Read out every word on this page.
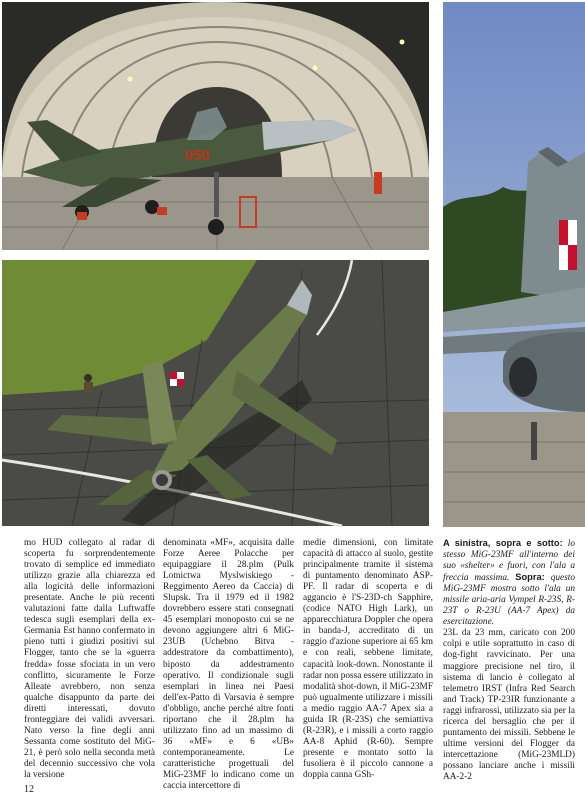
050

mo HUD collegato al radar di scoperta fu sorprendentemente trovato di semplice ed immediato utilizzo grazie alla chiarezza ed alla logicità delle informazioni presentate. Anche le più recenti valutazioni fatte dalla Luftwaffe tedesca sugli esemplari della ex-Germania Est hanno confermato in pieno tutti i giudizi positivi sul Flogger, tanto che se la «guerra fredda» fosse sfociata in un vero conflitto, sicuramente le Forze Alleate avrebbero, non senza qualche disappunto da parte dei diretti interessati, dovuto fronteggiare dei validi avversari. Nato verso la fine degli anni Sessanta come sostituto del MiG-21, è però solo nella seconda metà del decennio successivo che vola la versione

denominata «MF», acquisita dalle Forze Aeree Polacche per equipaggiare il 28.plm (Pulk Lotnictwa Myslwiskiego - Reggimento Aereo da Caccia) di Slupsk. Tra il 1979 ed il 1982 dovrebbero essere stati consegnati 45 esemplari monoposto cui se ne devono aggiungere altri 6 MiG-23UB (Uchebno Bitva - addestratore da combattimento), biposto da addestramento operativo. Il condizionale sugli esemplari in linea nei Paesi dell'ex-Patto di Varsavia è sempre d'obbligo, anche perché altre fonti riportano che il 28.plm ha utilizzato fino ad un massimo di 36 «MF» e 6 «UB» contemporaneamente. Le caratteristiche progettuali del MiG-23MF lo indicano come un caccia intercettore di

medie dimensioni, con limitate capacità di attacco al suolo, gestite principalmente tramite il sistema di puntamento denominato ASP-PF. Il radar di scoperta e di aggancio è l'S-23D-ch Sapphire, (codice NATO High Lark), un apparecchiatura Doppler che opera in banda-J, accreditato di un raggio d'azione superiore ai 65 km e con reali, sebbene limitate, capacità look-down. Nonostante il radar non possa essere utilizzato in modalità shot-down, il MiG-23MF può ugualmente utilizzare i missili a medio raggio AA-7 Apex sia a guida IR (R-23S) che semiattiva (R-23R), e i missili a corto raggio AA-8 Aphid (R-60). Sempre presente e montato sotto la fusoliera è il piccolo cannone a doppia canna GSh-

A sinistra, sopra e sotto: lo stesso MiG-23MF all'interno dei suo «shelter» e fuori, con l'ala a freccia massima. Sopra: questo MiG-23MF mostra sotto l'ala un missile aria-aria Vympel R-23S, R-23T o R-23U (AA-7 Apex) da esercitazione.

23L da 23 mm, caricato con 200 colpi e utile soprattutto in caso di dog-fight ravvicinato. Per una maggiore precisione nel tiro, il sistema di lancio è collegato al telemetro IRST (Infra Red Search and Track) TP-23IR funzionante a raggi infrarossi, utilizzato sia per la ricerca del bersaglio che per il puntamento dei missili. Sebbene le ultime versioni del Flogger da intercettazione (MiG-23MLD) possano lanciare anche i missili AA-2-2

12
